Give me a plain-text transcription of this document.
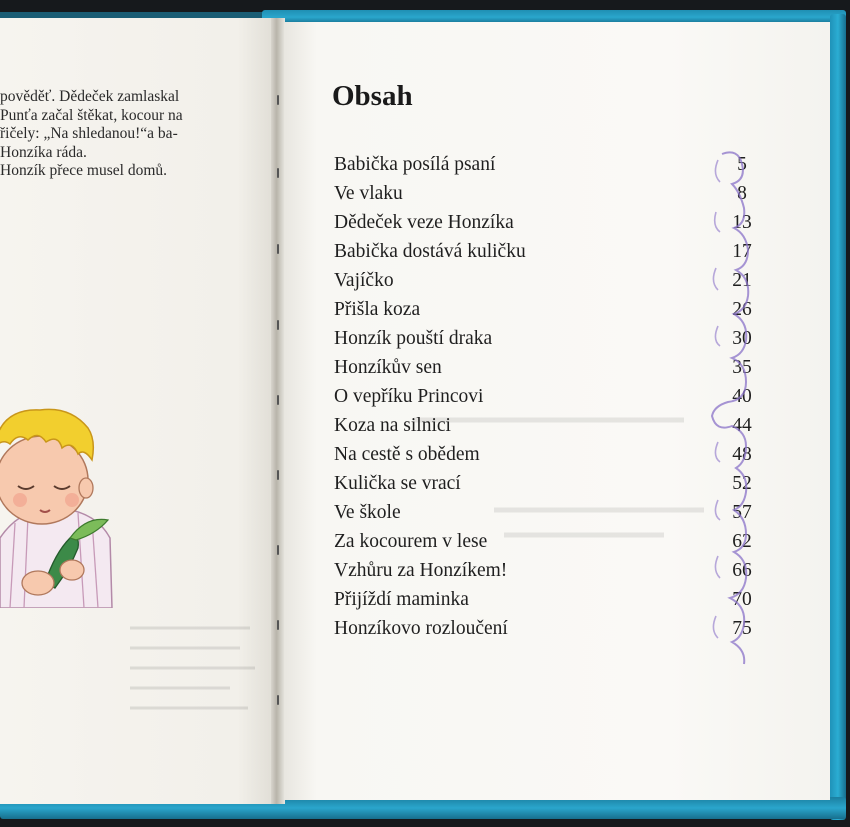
pověděť. Dědeček zamlaskal
Punťa začal štěkat, kocour na
řičely: „Na shledanou!“a ba-
Honzíka ráda.
Honzík přece musel domů.
Obsah
Babička posílá psaní	5
Ve vlaku	8
Dědeček veze Honzíka	13
Babička dostává kuličku	17
Vajíčko	21
Přišla koza	26
Honzík pouští draka	30
Honzíkův sen	35
O vepříku Princovi	40
Koza na silnici	44
Na cestě s obědem	48
Kulička se vrací	52
Ve škole	57
Za kocourem v lese	62
Vzhůru za Honzíkem!	66
Přijíždí maminka	70
Honzíkovo rozloučení	75
